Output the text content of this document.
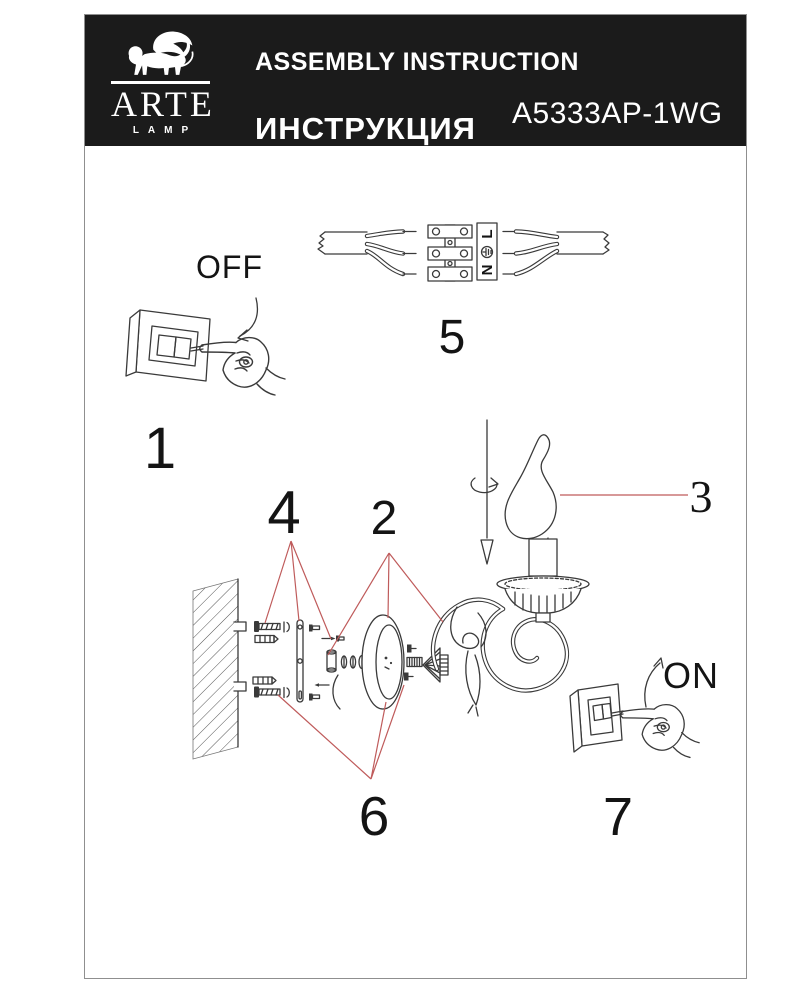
ARTE
LAMP
ASSEMBLY INSTRUCTION
ИНСТРУКЦИЯ A5333AP-1WG
OFF
1
L
N
5
3
4 2
6
ON
7
